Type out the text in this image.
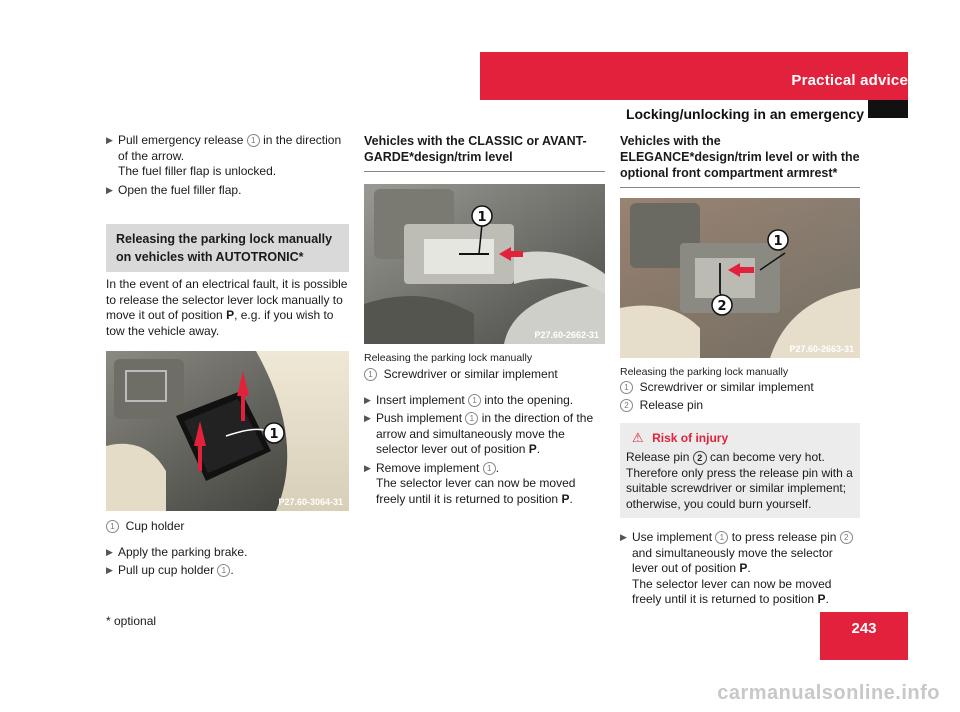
Practical advice
Locking/unlocking in an emergency
▶ Pull emergency release 1 in the direction of the arrow.
The fuel filler flap is unlocked.
▶ Open the fuel filler flap.
Releasing the parking lock manually on vehicles with AUTOTRONIC*

In the event of an electrical fault, it is possible to release the selector lever lock manually to move it out of position P, e.g. if you wish to tow the vehicle away.

1
P27.60-3064-31
1 Cup holder
▶ Apply the parking brake.
▶ Pull up cup holder 1 .
Vehicles with the CLASSIC or AVANT-GARDE*design/trim level
1
P27.60-2662-31
Releasing the parking lock manually
1 Screwdriver or similar implement
▶ Insert implement 1 into the opening.
▶ Push implement 1 in the direction of the arrow and simultaneously move the selector lever out of position P.
▶ Remove implement 1 .
The selector lever can now be moved freely until it is returned to position P.
Vehicles with the ELEGANCE*design/trim level or with the optional front compartment armrest*
1
2
P27.60-2663-31
Releasing the parking lock manually
1 Screwdriver or similar implement
2 Release pin
⚠ Risk of injury

Release pin 2 can become very hot. Therefore only press the release pin with a suitable screwdriver or similar implement; otherwise, you could burn yourself.

▶ Use implement 1 to press release pin 2 and simultaneously move the selector lever out of position P.
The selector lever can now be moved freely until it is returned to position P.
* optional	243
carmanualsonline.info
